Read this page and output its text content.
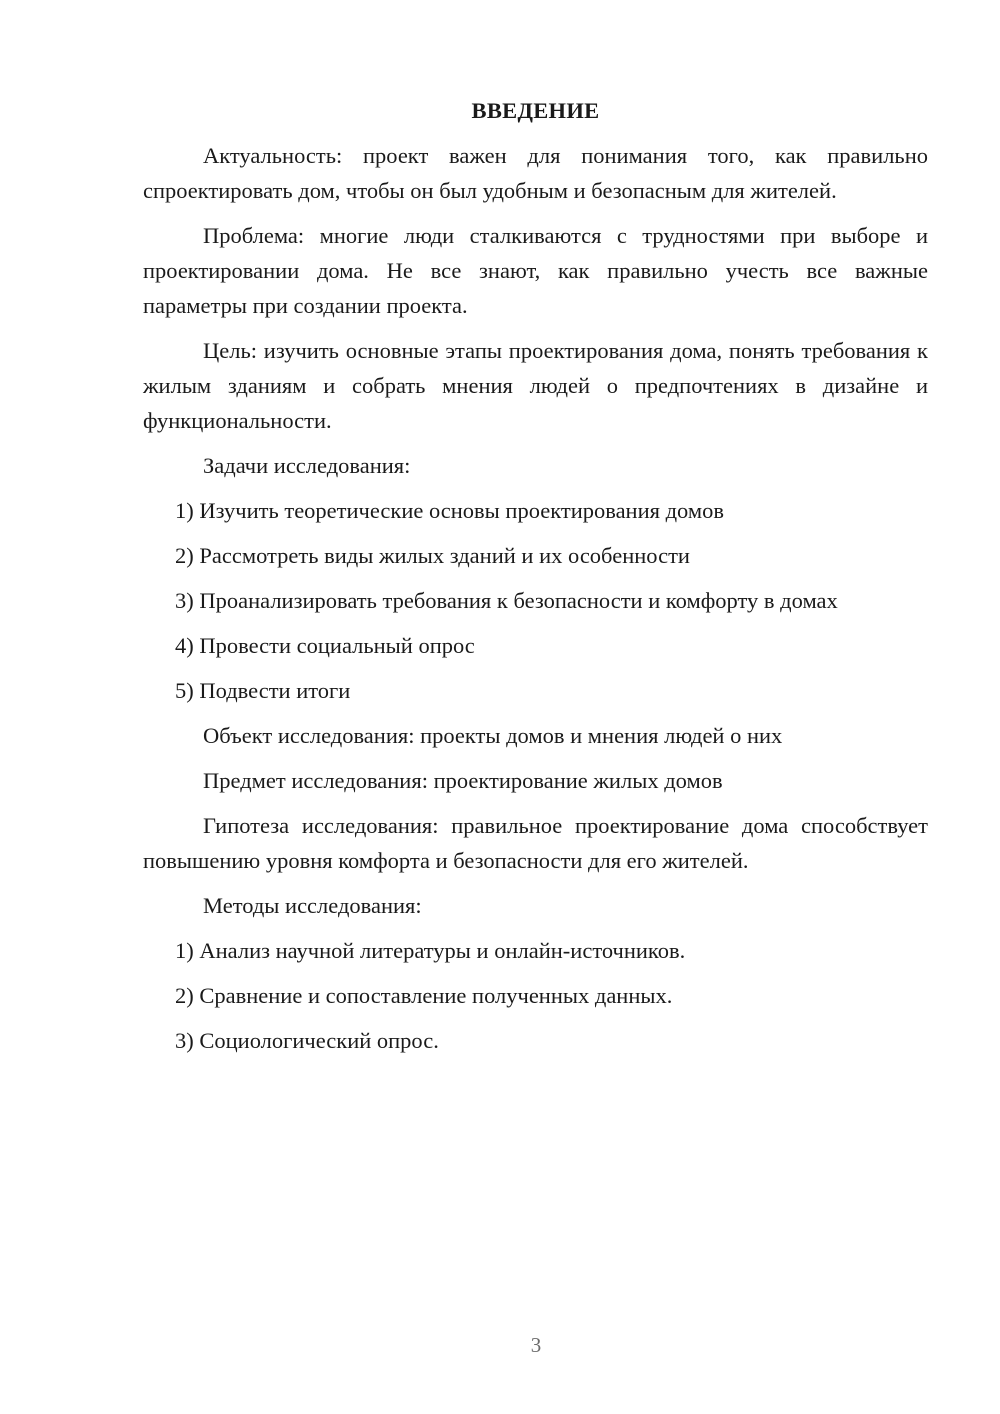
ВВЕДЕНИЕ

Актуальность: проект важен для понимания того, как правильно спроектировать дом, чтобы он был удобным и безопасным для жителей.

Проблема: многие люди сталкиваются с трудностями при выборе и проектировании дома. Не все знают, как правильно учесть все важные параметры при создании проекта.

Цель: изучить основные этапы проектирования дома, понять требования к жилым зданиям и собрать мнения людей о предпочтениях в дизайне и функциональности.

Задачи исследования:

1) Изучить теоретические основы проектирования домов

2) Рассмотреть виды жилых зданий и их особенности

3) Проанализировать требования к безопасности и комфорту в домах

4) Провести социальный опрос

5) Подвести итоги

Объект исследования: проекты домов и мнения людей о них

Предмет исследования: проектирование жилых домов

Гипотеза исследования: правильное проектирование дома способствует повышению уровня комфорта и безопасности для его жителей.

Методы исследования:

1) Анализ научной литературы и онлайн-источников.

2) Сравнение и сопоставление полученных данных.

3) Социологический опрос.

3
